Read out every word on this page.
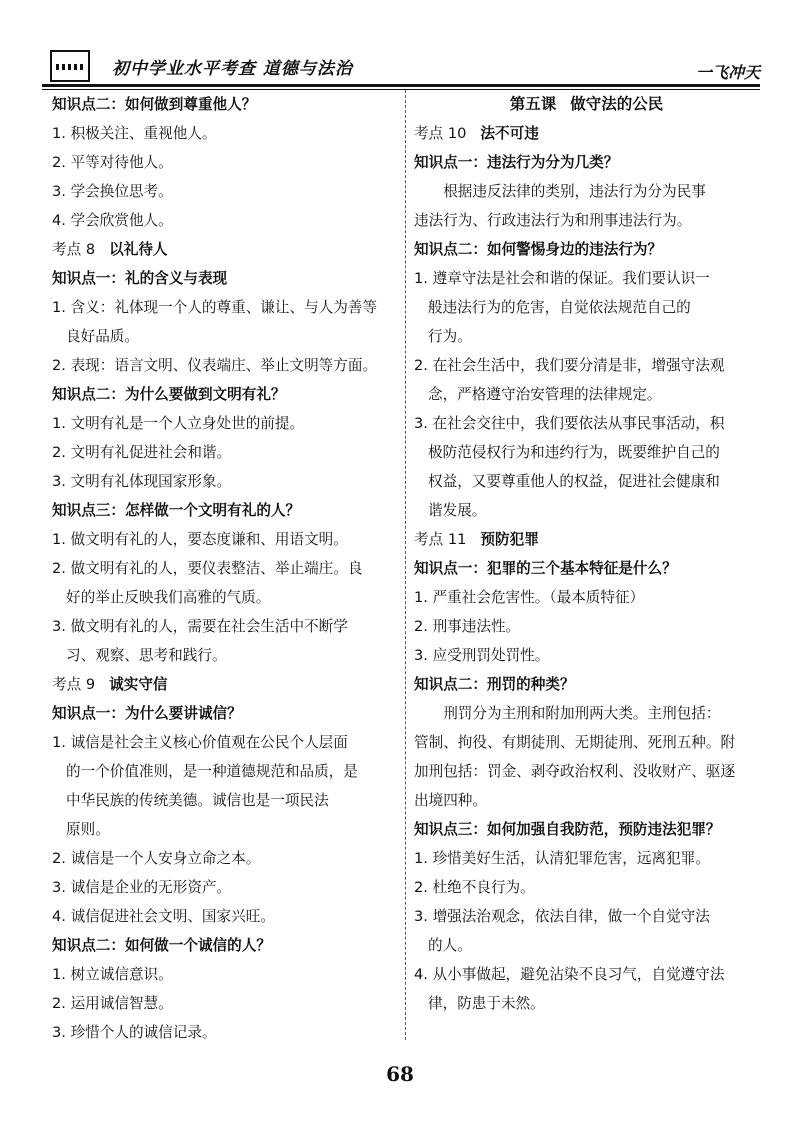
初中学业水平考查 道德与法治	一飞冲天
知识点二：如何做到尊重他人？
1. 积极关注、重视他人。
2. 平等对待他人。
3. 学会换位思考。
4. 学会欣赏他人。
考点 8 以礼待人
知识点一：礼的含义与表现
1. 含义：礼体现一个人的尊重、谦让、与人为善等
良好品质。
2. 表现：语言文明、仪表端庄、举止文明等方面。
知识点二：为什么要做到文明有礼？
1. 文明有礼是一个人立身处世的前提。
2. 文明有礼促进社会和谐。
3. 文明有礼体现国家形象。
知识点三：怎样做一个文明有礼的人？
1. 做文明有礼的人，要态度谦和、用语文明。
2. 做文明有礼的人，要仪表整洁、举止端庄。良
好的举止反映我们高雅的气质。
3. 做文明有礼的人，需要在社会生活中不断学
习、观察、思考和践行。
考点 9 诚实守信
知识点一：为什么要讲诚信？
1. 诚信是社会主义核心价值观在公民个人层面
的一个价值准则，是一种道德规范和品质，是
中华民族的传统美德。诚信也是一项民法
原则。
2. 诚信是一个人安身立命之本。
3. 诚信是企业的无形资产。
4. 诚信促进社会文明、国家兴旺。
知识点二：如何做一个诚信的人？
1. 树立诚信意识。
2. 运用诚信智慧。
3. 珍惜个人的诚信记录。
第五课 做守法的公民
考点 10 法不可违
知识点一：违法行为分为几类？
根据违反法律的类别，违法行为分为民事
违法行为、行政违法行为和刑事违法行为。
知识点二：如何警惕身边的违法行为？
1. 遵章守法是社会和谐的保证。我们要认识一
般违法行为的危害，自觉依法规范自己的
行为。
2. 在社会生活中，我们要分清是非，增强守法观
念，严格遵守治安管理的法律规定。
3. 在社会交往中，我们要依法从事民事活动，积
极防范侵权行为和违约行为，既要维护自己的
权益，又要尊重他人的权益，促进社会健康和
谐发展。
考点 11 预防犯罪
知识点一：犯罪的三个基本特征是什么？
1. 严重社会危害性。（最本质特征）
2. 刑事违法性。
3. 应受刑罚处罚性。
知识点二：刑罚的种类？
刑罚分为主刑和附加刑两大类。主刑包括：
管制、拘役、有期徒刑、无期徒刑、死刑五种。附
加刑包括：罚金、剥夺政治权利、没收财产、驱逐
出境四种。
知识点三：如何加强自我防范，预防违法犯罪？
1. 珍惜美好生活，认清犯罪危害，远离犯罪。
2. 杜绝不良行为。
3. 增强法治观念，依法自律，做一个自觉守法
的人。
4. 从小事做起，避免沾染不良习气，自觉遵守法
律，防患于未然。
68
